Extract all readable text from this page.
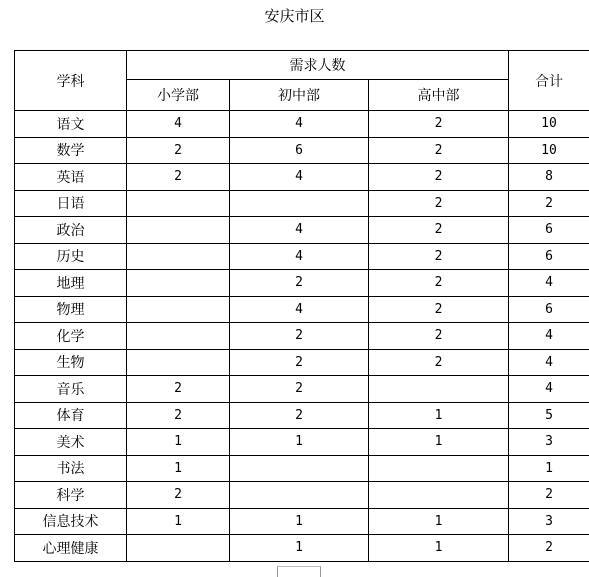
安庆市区
学科	需求人数			合计
	小学部	初中部	高中部	
语文	4	4	2	10
数学	2	6	2	10
英语	2	4	2	8
日语			2	2
政治		4	2	6
历史		4	2	6
地理		2	2	4
物理		4	2	6
化学		2	2	4
生物		2	2	4
音乐	2	2		4
体育	2	2	1	5
美术	1	1	1	3
书法	1			1
科学	2			2
信息技术	1	1	1	3
心理健康		1	1	2
